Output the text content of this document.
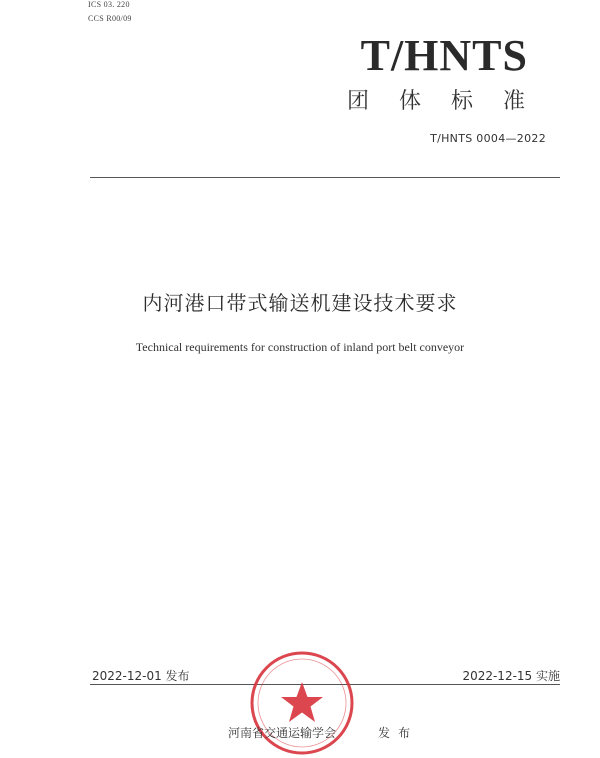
ICS 03. 220
CCS R00/09
T/HNTS
团体标准
T/HNTS 0004—2022
内河港口带式输送机建设技术要求
Technical requirements for construction of inland port belt conveyor
2022-12-01 发布	2022-12-15 实施
河南省交通运输学会	发布
